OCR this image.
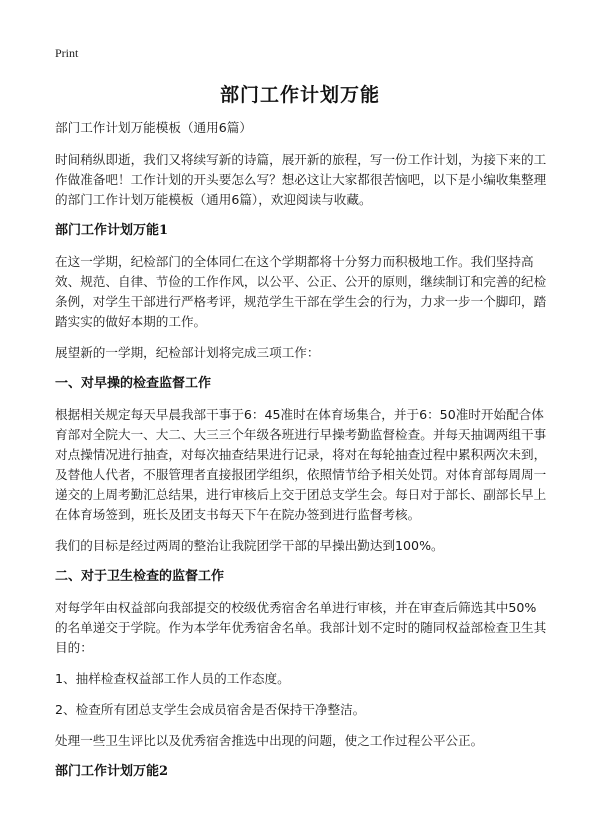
Print
部门工作计划万能

部门工作计划万能模板（通用6篇）

时间稍纵即逝，我们又将续写新的诗篇，展开新的旅程，写一份工作计划，为接下来的工作做准备吧！工作计划的开头要怎么写？想必这让大家都很苦恼吧，以下是小编收集整理的部门工作计划万能模板（通用6篇），欢迎阅读与收藏。

部门工作计划万能1

在这一学期，纪检部门的全体同仁在这个学期都将十分努力而积极地工作。我们坚持高效、规范、自律、节俭的工作作风，以公平、公正、公开的原则，继续制订和完善的纪检条例，对学生干部进行严格考评，规范学生干部在学生会的行为，力求一步一个脚印，踏踏实实的做好本期的工作。

展望新的一学期，纪检部计划将完成三项工作：

一、对早操的检查监督工作

根据相关规定每天早晨我部干事于6：45准时在体育场集合，并于6：50准时开始配合体育部对全院大一、大二、大三三个年级各班进行早操考勤监督检查。并每天抽调两组干事对点操情况进行抽查，对每次抽查结果进行记录，将对在每轮抽查过程中累积两次未到，及替他人代者，不服管理者直接报团学组织，依照情节给予相关处罚。对体育部每周周一递交的上周考勤汇总结果，进行审核后上交于团总支学生会。每日对于部长、副部长早上在体育场签到，班长及团支书每天下午在院办签到进行监督考核。

我们的目标是经过两周的整治让我院团学干部的早操出勤达到100%。

二、对于卫生检查的监督工作

对每学年由权益部向我部提交的校级优秀宿舍名单进行审核，并在审查后筛选其中50%的名单递交于学院。作为本学年优秀宿舍名单。我部计划不定时的随同权益部检查卫生其目的：

1、抽样检查权益部工作人员的工作态度。

2、检查所有团总支学生会成员宿舍是否保持干净整洁。

处理一些卫生评比以及优秀宿舍推选中出现的问题，使之工作过程公平公正。

部门工作计划万能2
